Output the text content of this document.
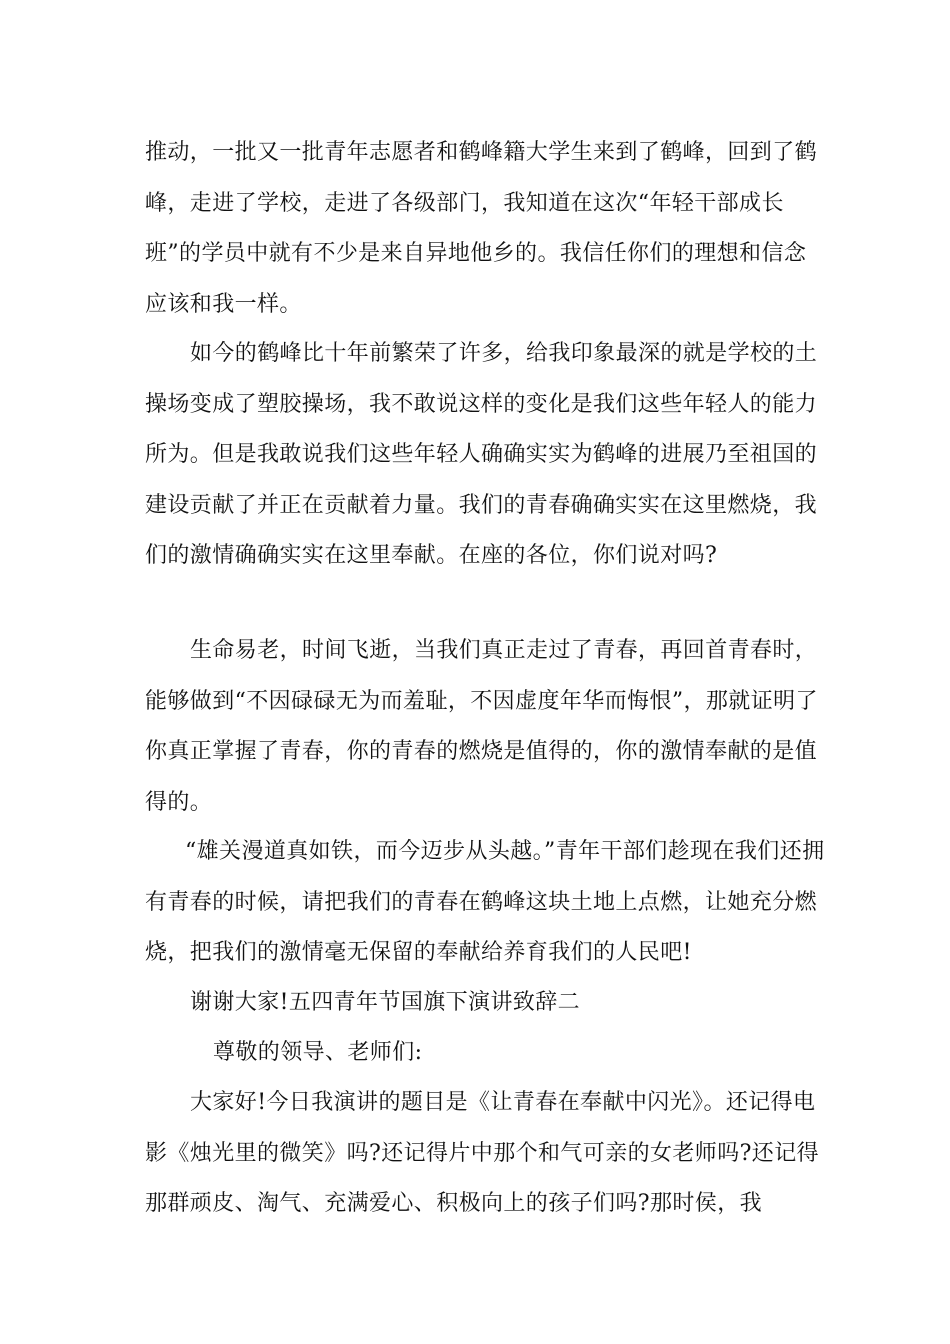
推动，一批又一批青年志愿者和鹤峰籍大学生来到了鹤峰，回到了鹤峰，走进了学校，走进了各级部门，我知道在这次“年轻干部成长班”的学员中就有不少是来自异地他乡的。我信任你们的理想和信念应该和我一样。

如今的鹤峰比十年前繁荣了许多，给我印象最深的就是学校的土操场变成了塑胶操场，我不敢说这样的变化是我们这些年轻人的能力所为。但是我敢说我们这些年轻人确确实实为鹤峰的进展乃至祖国的建设贡献了并正在贡献着力量。我们的青春确确实实在这里燃烧，我们的激情确确实实在这里奉献。在座的各位，你们说对吗?

生命易老，时间飞逝，当我们真正走过了青春，再回首青春时，能够做到“不因碌碌无为而羞耻，不因虚度年华而悔恨”，那就证明了你真正掌握了青春，你的青春的燃烧是值得的，你的激情奉献的是值得的。

“雄关漫道真如铁，而今迈步从头越。”青年干部们趁现在我们还拥有青春的时候，请把我们的青春在鹤峰这块土地上点燃，让她充分燃烧，把我们的激情毫无保留的奉献给养育我们的人民吧!

谢谢大家!五四青年节国旗下演讲致辞二

尊敬的领导、老师们:

大家好!今日我演讲的题目是《让青春在奉献中闪光》。还记得电影《烛光里的微笑》吗?还记得片中那个和气可亲的女老师吗?还记得那群顽皮、淘气、充满爱心、积极向上的孩子们吗?那时侯，我
